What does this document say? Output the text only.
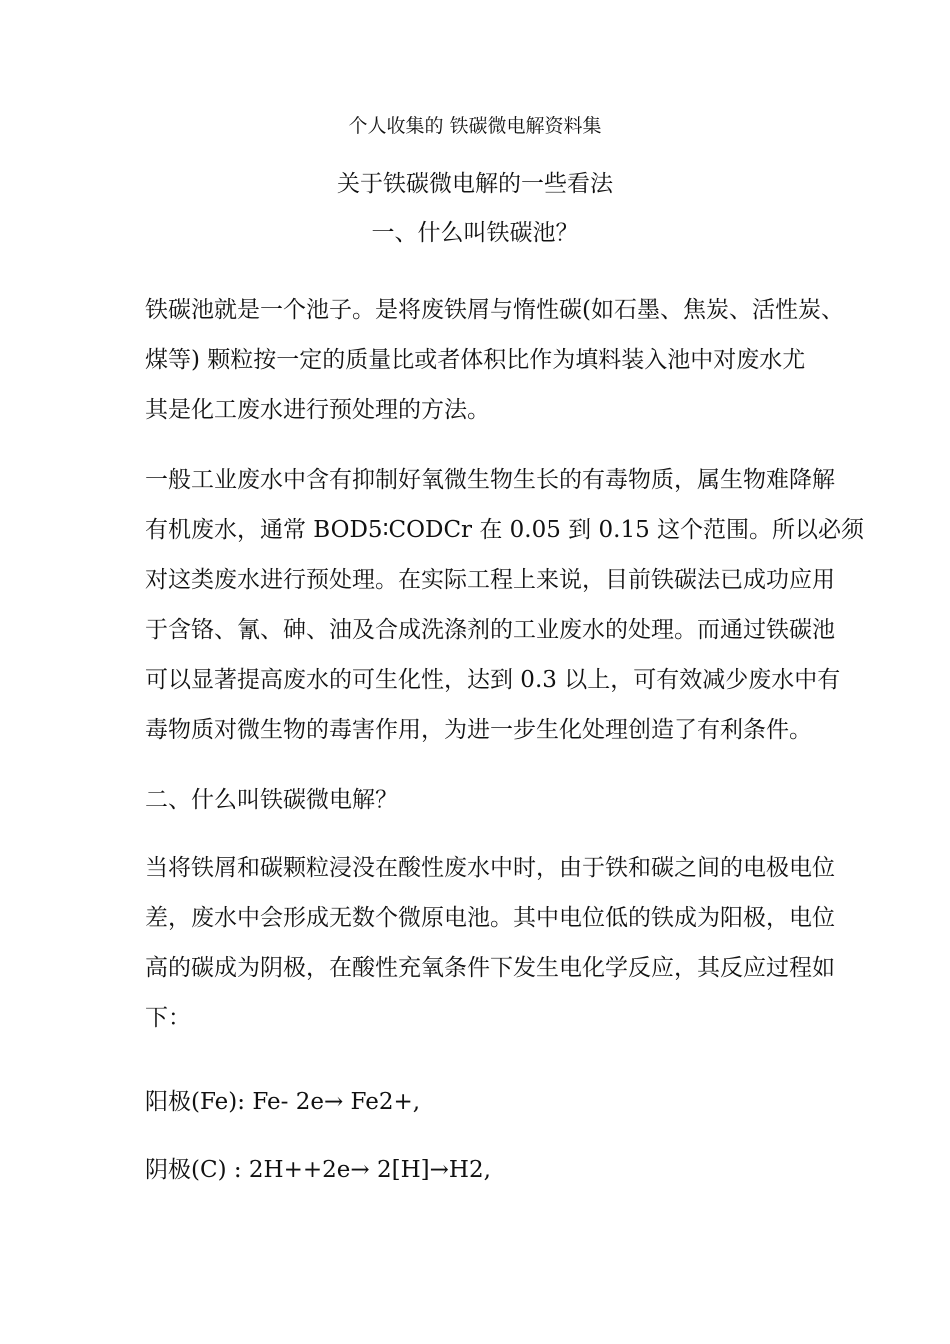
个人收集的 铁碳微电解资料集
关于铁碳微电解的一些看法
一、什么叫铁碳池？
铁碳池就是一个池子。是将废铁屑与惰性碳(如石墨、焦炭、活性炭、
煤等) 颗粒按一定的质量比或者体积比作为填料装入池中对废水尤
其是化工废水进行预处理的方法。
一般工业废水中含有抑制好氧微生物生长的有毒物质，属生物难降解
有机废水，通常 BOD5∶CODCr 在 0.05 到 0.15 这个范围。所以必须
对这类废水进行预处理。在实际工程上来说，目前铁碳法已成功应用
于含铬、氰、砷、油及合成洗涤剂的工业废水的处理。而通过铁碳池
可以显著提高废水的可生化性，达到 0.3 以上，可有效减少废水中有
毒物质对微生物的毒害作用，为进一步生化处理创造了有利条件。
二、什么叫铁碳微电解？
当将铁屑和碳颗粒浸没在酸性废水中时，由于铁和碳之间的电极电位
差，废水中会形成无数个微原电池。其中电位低的铁成为阳极，电位
高的碳成为阴极，在酸性充氧条件下发生电化学反应，其反应过程如
下：
阳极(Fe): Fe- 2e→ Fe2+,
阴极(C) : 2H++2e→ 2[H]→H2,
